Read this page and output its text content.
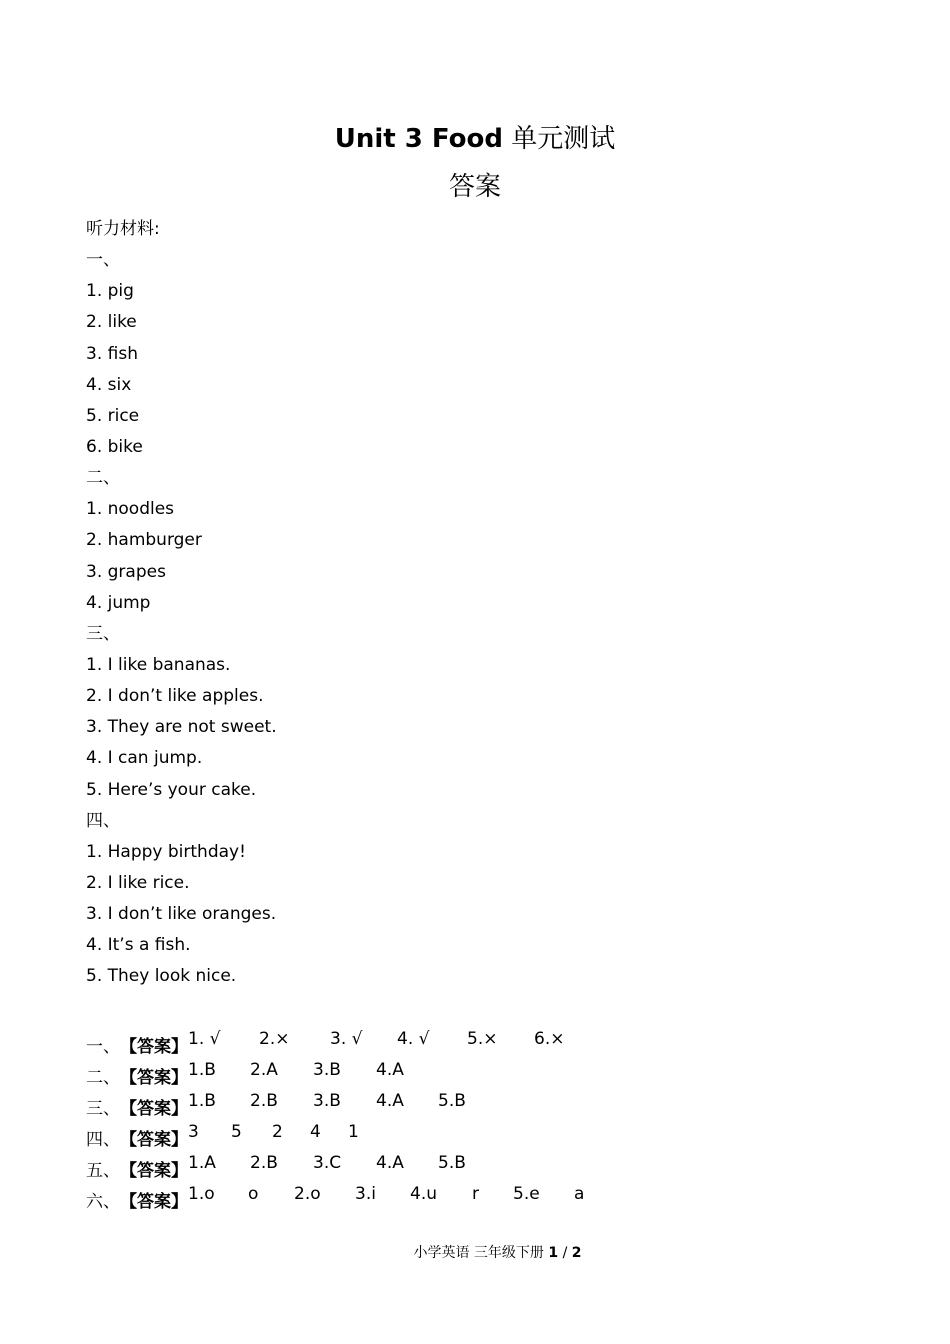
Unit 3 Food 单元测试
答案
听力材料:
一、
1. pig
2. like
3. fish
4. six
5. rice
6. bike
二、
1. noodles
2. hamburger
3. grapes
4. jump
三、
1. I like bananas.
2. I don’t like apples.
3. They are not sweet.
4. I can jump.
5. Here’s your cake.
四、
1. Happy birthday!
2. I like rice.
3. I don’t like oranges.
4. It’s a fish.
5. They look nice.
一、 【答案】 1. √ 2.× 3. √ 4. √ 5.× 6.×
二、 【答案】 1.B 2.A 3.B 4.A
三、 【答案】 1.B 2.B 3.B 4.A 5.B
四、 【答案】 3 5 2 4 1
五、 【答案】 1.A 2.B 3.C 4.A 5.B
六、 【答案】 1.o o 2.o 3.i 4.u r 5.e a
小学英语 三年级下册 1 / 2
